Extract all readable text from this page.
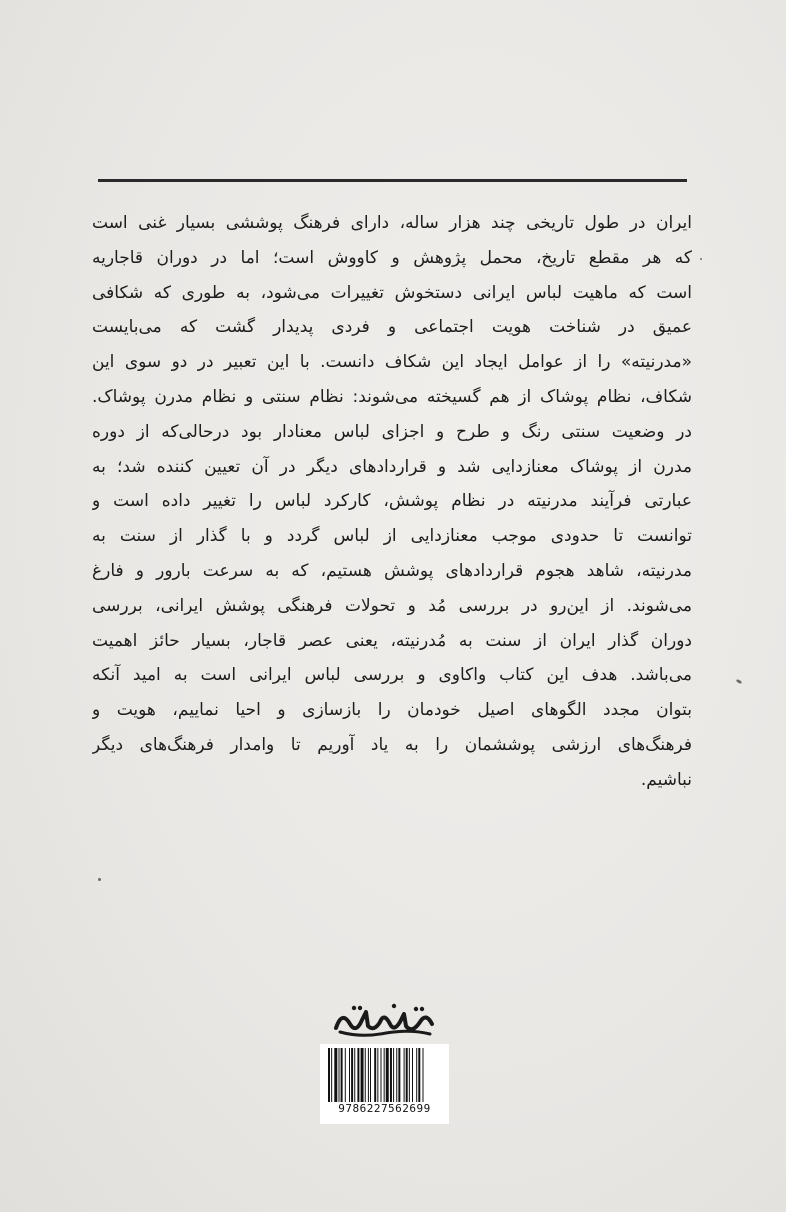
ایران در طول تاریخی چند هزار ساله، دارای فرهنگ پوششی بسیار غنی است
که هر مقطع تاریخ، محمل پژوهش و کاووش است؛ اما در دوران قاجاریه
است که ماهیت لباس ایرانی دستخوش تغییرات می‌شود، به طوری که شکافی
عمیق در شناخت هویت اجتماعی و فردی پدیدار گشت که می‌بایست
«مدرنیته» را از عوامل ایجاد این شکاف دانست. با این تعبیر در دو سوی این
شکاف، نظام پوشاک از هم گسیخته می‌شوند: نظام سنتی و نظام مدرن پوشاک.
در وضعیت سنتی رنگ و طرح و اجزای لباس معنادار بود درحالی‌که از دوره
مدرن از پوشاک معنازدایی شد و قراردادهای دیگر در آن تعیین کننده شد؛ به
عبارتی فرآیند مدرنیته در نظام پوشش، کارکرد لباس را تغییر داده است و
توانست تا حدودی موجب معنازدایی از لباس گردد و با گذار از سنت به
مدرنیته، شاهد هجوم قراردادهای پوشش هستیم، که به سرعت بارور و فارغ
می‌شوند. از این‌رو در بررسی مُد و تحولات فرهنگی پوشش ایرانی، بررسی
دوران گذار ایران از سنت به مُدرنیته، یعنی عصر قاجار، بسیار حائز اهمیت
می‌باشد. هدف این کتاب واکاوی و بررسی لباس ایرانی است به امید آنکه
بتوان مجدد الگوهای اصیل خودمان را بازسازی و احیا نماییم، هویت و
فرهنگ‌های ارزشی پوششمان را به یاد آوریم تا وامدار فرهنگ‌های دیگر
نباشیم.
9786227562699
